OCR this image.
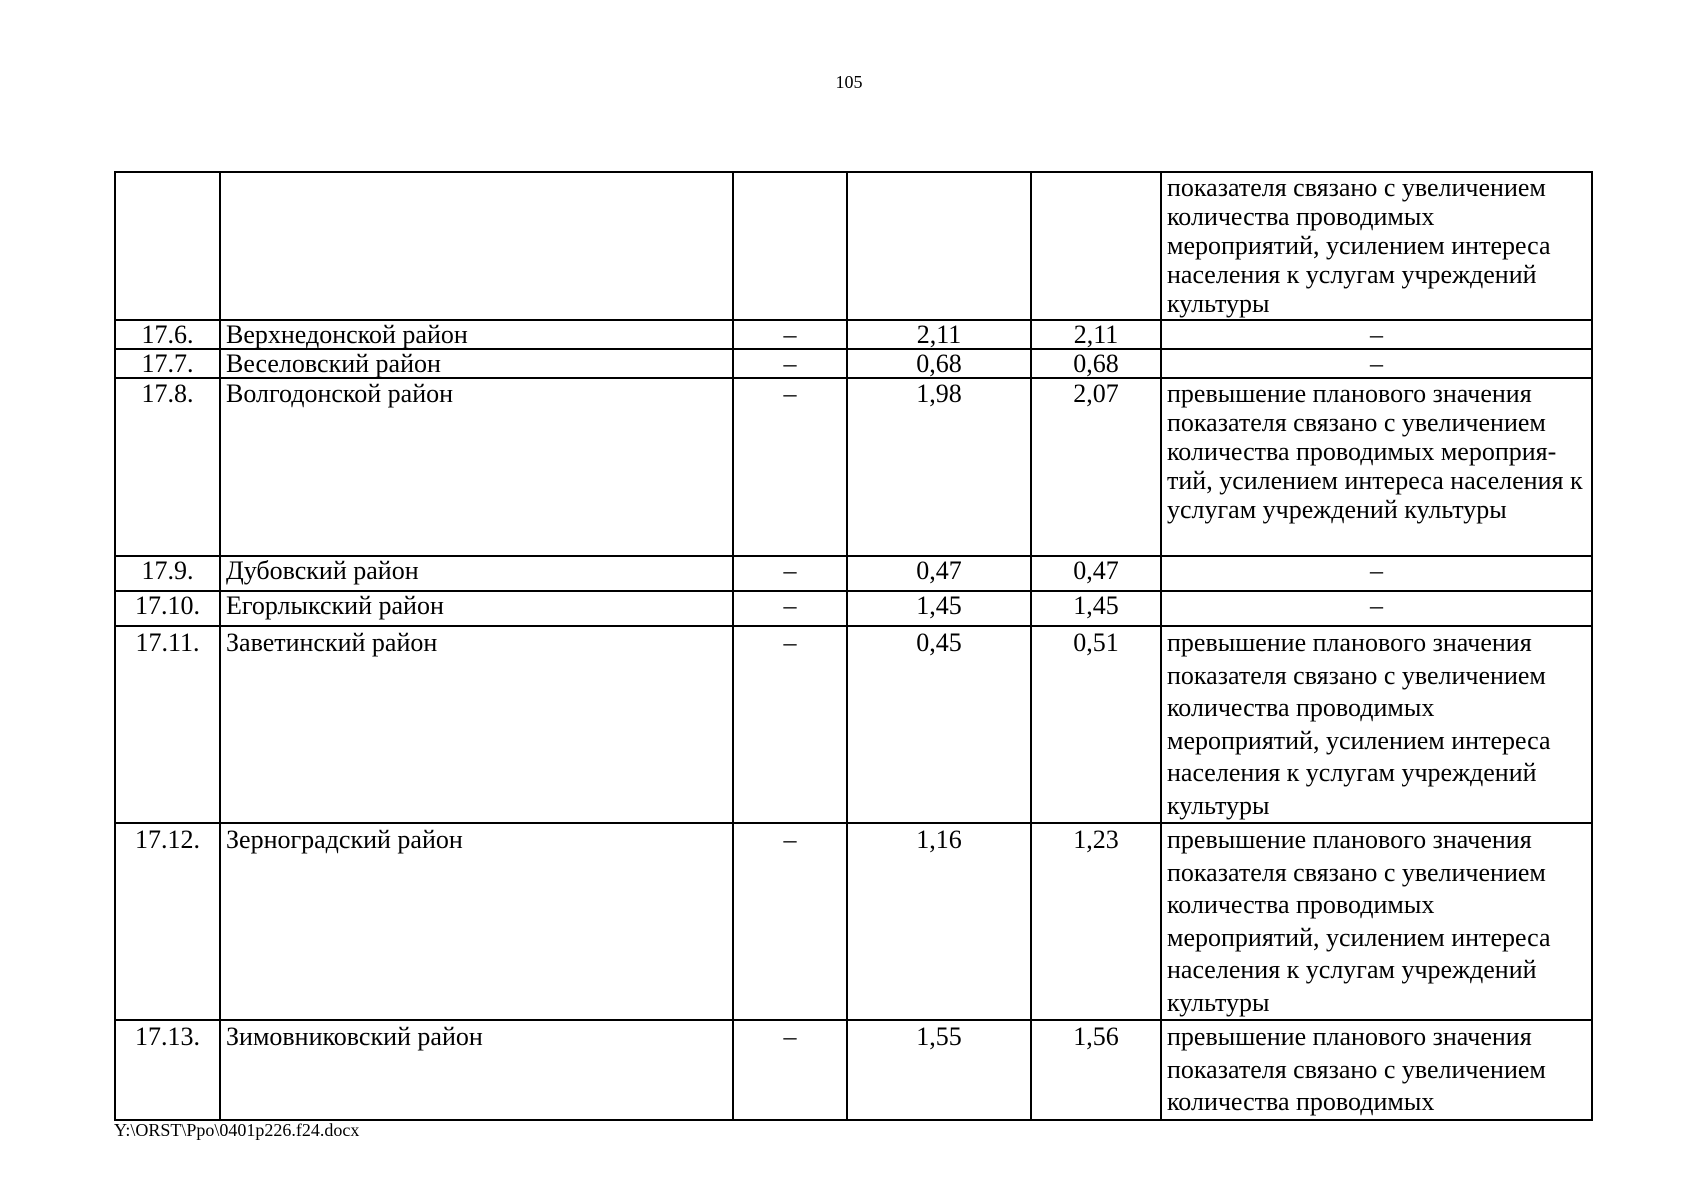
105
					показателя связано с увеличением количества проводимых мероприятий, усилением интереса населения к услугам учреждений культуры
17.6.	Верхнедонской район	–	2,11	2,11	–
17.7.	Веселовский район	–	0,68	0,68	–
17.8.	Волгодонской район	–	1,98	2,07	превышение планового значения показателя связано с увеличением количества проводимых мероприя-тий, усилением интереса населения к услугам учреждений культуры
17.9.	Дубовский район	–	0,47	0,47	–
17.10.	Егорлыкский район	–	1,45	1,45	–
17.11.	Заветинский район	–	0,45	0,51	превышение планового значения показателя связано с увеличением количества проводимых мероприятий, усилением интереса населения к услугам учреждений культуры
17.12.	Зерноградский район	–	1,16	1,23	превышение планового значения показателя связано с увеличением количества проводимых мероприятий, усилением интереса населения к услугам учреждений культуры
17.13.	Зимовниковский район	–	1,55	1,56	превышение планового значения показателя связано с увеличением количества проводимых
Y:\ORST\Ppo\0401p226.f24.docx
